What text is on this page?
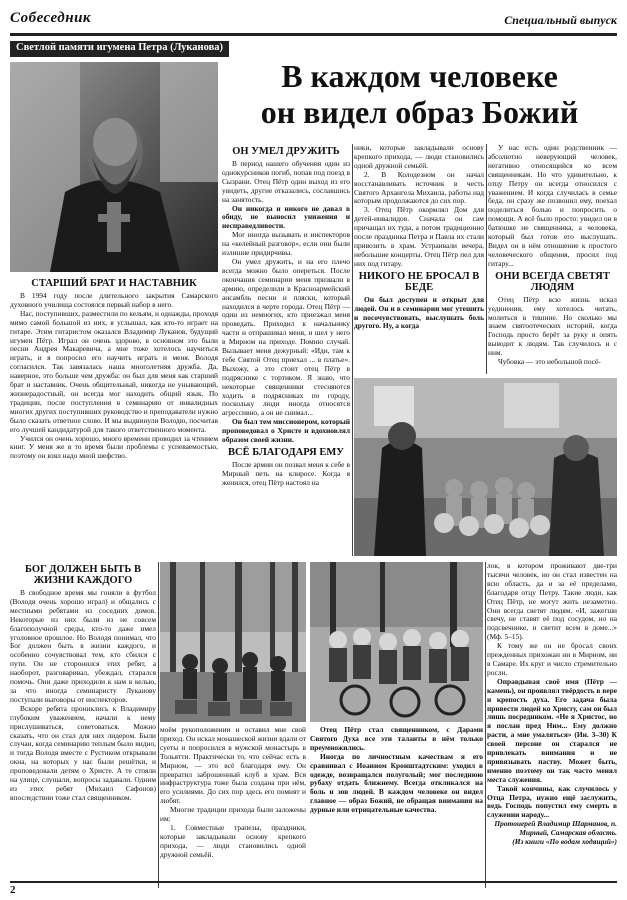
Собеседник	Специальный выпуск
Светлой памяти игумена Петра (Луканова)
В каждом человеке
он видел образ Божий
СТАРШИЙ БРАТ И НАСТАВНИК

В 1994 году после длительного закрытия Самарского духовного училища состоялся первый набор в него.

Нас, поступивших, разместили по кельям, и однажды, проходя мимо самой большой из них, я услышал, как кто-то играет на гитаре. Этим гитаристом оказался Владимир Луканов, будущий игумен Пётр. Играл он очень здорово, в основном это были песни Андрея Макаревича, а мне тоже хотелось научиться играть, и я попросил его научить играть и меня. Володя согласился. Так завязалась наша многолетняя дружба. Да, наверное, это больше чем дружба: он был для меня как старший брат и наставник. Очень общительный, никогда не унывающий, жизнерадостный, он всегда мог находить общий язык. По традиции, после поступления в семинарию от инвалидных многих других поступивших руководство и преподаватели нужно было сказать ответное слово. И мы выдвинули Володю, посчитав его лучшей кандидатурой для такого ответственного момента.

Учился он очень хорошо, много времени проводил за чтением книг. У меня же в то время были проблемы с успеваемостью, поэтому он взял надо мной шефство.

БОГ ДОЛЖЕН БЫТЬ В ЖИЗНИ КАЖДОГО

В свободное время мы гоняли в футбол (Володя очень хорошо играл) и общались с местными ребятами из соседних домов. Некоторые из них были из не совсем благополучной среды, кто-то даже имел уголовное прошлое. Но Володя понимал, что Бог должен быть в жизни каждого, и особенно сочувствовал тем, кто сбился с пути. Он не сторонился этих ребят, а наоборот, разговаривал, убеждал, старался помочь. Они даже приходили к нам в келью, за что иногда семинаристу Луканову поступали выговоры от инспекторов.

Вскоре ребята прониклись к Владимиру глубоким уважением, начали к нему прислушиваться, советоваться. Можно сказать, что он стал для них лидером. Были случаи, когда семинарию теплым было видно, и тогда Володя вместе с Рустиком открывали окна, на которых у нас были решётки, и проповедовали детям о Христе. А те стояли на улице, слушали, вопросы задавали. Одним из этих ребят (Михаил Сафонов) впоследствии тоже стал священником.

ОН УМЕЛ ДРУЖИТЬ

В период нашего обучения один из однокурсников погиб, попав под поезд в Сызрани. Отец Пётр один выход из его увидеть, другие отказались, сославшись на занятость.

Он никогда и никого не давал в обиду, не выносил унижения и несправедливости.

Мог иногда вызывать и инспекторов на «келейный разговор», если они были излишне придирчивы.

Он умел дружить, и на его плечо всегда можно было опереться. После окончания семинарии меня призвали в армию, определили в Красноармейский ансамбль песни и пляски, который находился в черте города. Отец Пётр — один из немногих, кто приезжал меня проведать. Приходил к начальнику части и отпрашивал меня, и шел у него в Мирном на приходе. Помню случай. Вызывает меня дежурный: «Иди, там к тебе Святой Отец приехал ... в платье». Выхожу, а это стоит отец Пётр в подряснике с тортиком. Я знаю, что некоторые священники стесняются ходить в подрясниках по городу, поскольку люди иногда относятся агрессивно, а он не снимал...

Он был тем миссионером, который проповедовал о Христе и вдохновлял образом своей жизни.

ВСЁ БЛАГОДАРЯ ЕМУ

После армии он позвал меня к себе в Мирный петь на клиросе. Когда я женился, отец Пётр настоял на

ники, которые закладывали основу крепкого прихода, — люди становились одной дружной семьёй.

2. В Колодезном он начал восстанавливать источник в честь Святого Архангела Михаила, работы над которым продолжаются до сих пор.

3. Отец Пётр окормлял Дом для детей-инвалидов. Сначала он сам причащал их туда, а потом традиционно после праздника Петра и Павла их стали привозить в храм. Устраивали вечера, небольшие концерты. Отец Пётр пел для них под гитару.

НИКОГО НЕ БРОСАЛ В БЕДЕ

Он был доступен и открыт для людей. Он и в семинарии мог утешить и посочувствовать, выслушать боль другого. Ну, а когда

У нас есть один родственник — абсолютно неверующий человек, негативно относящийся ко всем священникам. Но что удивительно, к отцу Петру он всегда относился с уважением. И когда случилась в семье беда, он сразу же позвонил ему, поехал поделиться болью и попросить о помощи. А всё было просто: увидел он в батюшке не священника, а человека, который был готов его выслушать. Видел он в нём отношение к простого человеческого общения, просил под гитару...

ОНИ ВСЕГДА СВЕТЯТ ЛЮДЯМ

Отец Пётр всю жизнь искал уединения, ему хотелось читать, молиться в тишине. Но сколько мы знаем святоотеческих историй, когда Господь просто берёт за руку и опять выводит к людям. Так случилось и с ним.

Чубовка — это небольшой посё-

моём рукоположении и оставил мне свой приход. Он искал монашеской жизни вдали от суеты и попросился в мужской монастырь в Тольятти. Практически то, что сейчас есть в Мирном, — это всё благодаря ему. Он превратил заброшенный клуб в храм. Вся инфраструктура тоже была создана при нём, его усилиями. До сих пор здесь его помнят и любят.

Многие традиции прихода были заложены им:

1. Совместные трапезы, праздники, которые закладывали основу крепкого прихода, — люди становились одной дружной семьёй.

Отец Пётр стал священником, с Дарами Святого Духа все эти таланты в нём только преумножились.

Иногда по личностным качествам я его сравнивал с Иоанном Кронштадтским: уходил в одежде, возвращался полуголый; мог последнюю рубаху отдать ближнему. Всегда откликался на боль и зов людей. В каждом человеке он видел главное — образ Божий, не обращая внимания на дурные или отрицательные качества.

лок, в котором проживают две-три тысячи человек, но он стал известен на всю область, да и за её пределами, благодаря отцу Петру. Такие люди, как Отец Пётр, не могут жить незаметно. Они всегда светят людям. «И, зажегши свечу, не ставят её под сосудом, но на подсвечнике, и светит всем в доме...» (Мф. 5–15).

К тому же он не бросал своих прежденных прихожан ни в Мирном, ни в Самаре. Их круг и число стремительно росли.

Оправдывая своё имя (Пётр — камень), он проявлял твёрдость в вере и крепость духа. Его задача была привести людей ко Христу, сам он был лишь посредником. «Не я Христос, но я послан пред Ним... Ему должно расти, а мне умаляться» (Ин. 3–30) К своей персоне он старался не привлекать внимания и не привязывать паству. Может быть, именно поэтому он так часто менял места служения.

Такой кончины, как случилось у Отца Петра, нужно ещё заслужить, ведь Господь попустил ему смерть в служении народу...

Протоиерей Владимир Шарманов, п. Мирный, Самарская область.

(Из книги «По водам ходящий»)

2
